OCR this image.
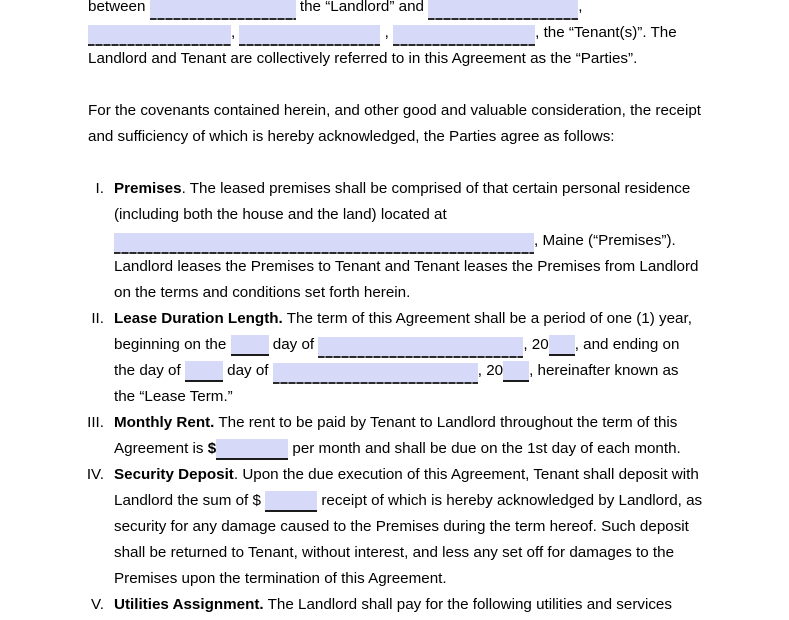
between	the “Landlord” and	, ,	,	, the “Tenant(s)”. The Landlord and Tenant are collectively referred to in this Agreement as the “Parties”.
For the covenants contained herein, and other good and valuable consideration, the receipt and sufficiency of which is hereby acknowledged, the Parties agree as follows:
I. Premises. The leased premises shall be comprised of that certain personal residence (including both the house and the land) located at , Maine (“Premises”). Landlord leases the Premises to Tenant and Tenant leases the Premises from Landlord on the terms and conditions set forth herein.
II. Lease Duration Length. The term of this Agreement shall be a period of one (1) year, beginning on the	day of	, 20 , and ending on the day of	day of	, 20 , hereinafter known as the “Lease Term.”
III. Monthly Rent. The rent to be paid by Tenant to Landlord throughout the term of this Agreement is $	per month and shall be due on the 1st day of each month.
IV. Security Deposit. Upon the due execution of this Agreement, Tenant shall deposit with Landlord the sum of $	receipt of which is hereby acknowledged by Landlord, as security for any damage caused to the Premises during the term hereof. Such deposit shall be returned to Tenant, without interest, and less any set off for damages to the Premises upon the termination of this Agreement.
V. Utilities Assignment. The Landlord shall pay for the following utilities and services
